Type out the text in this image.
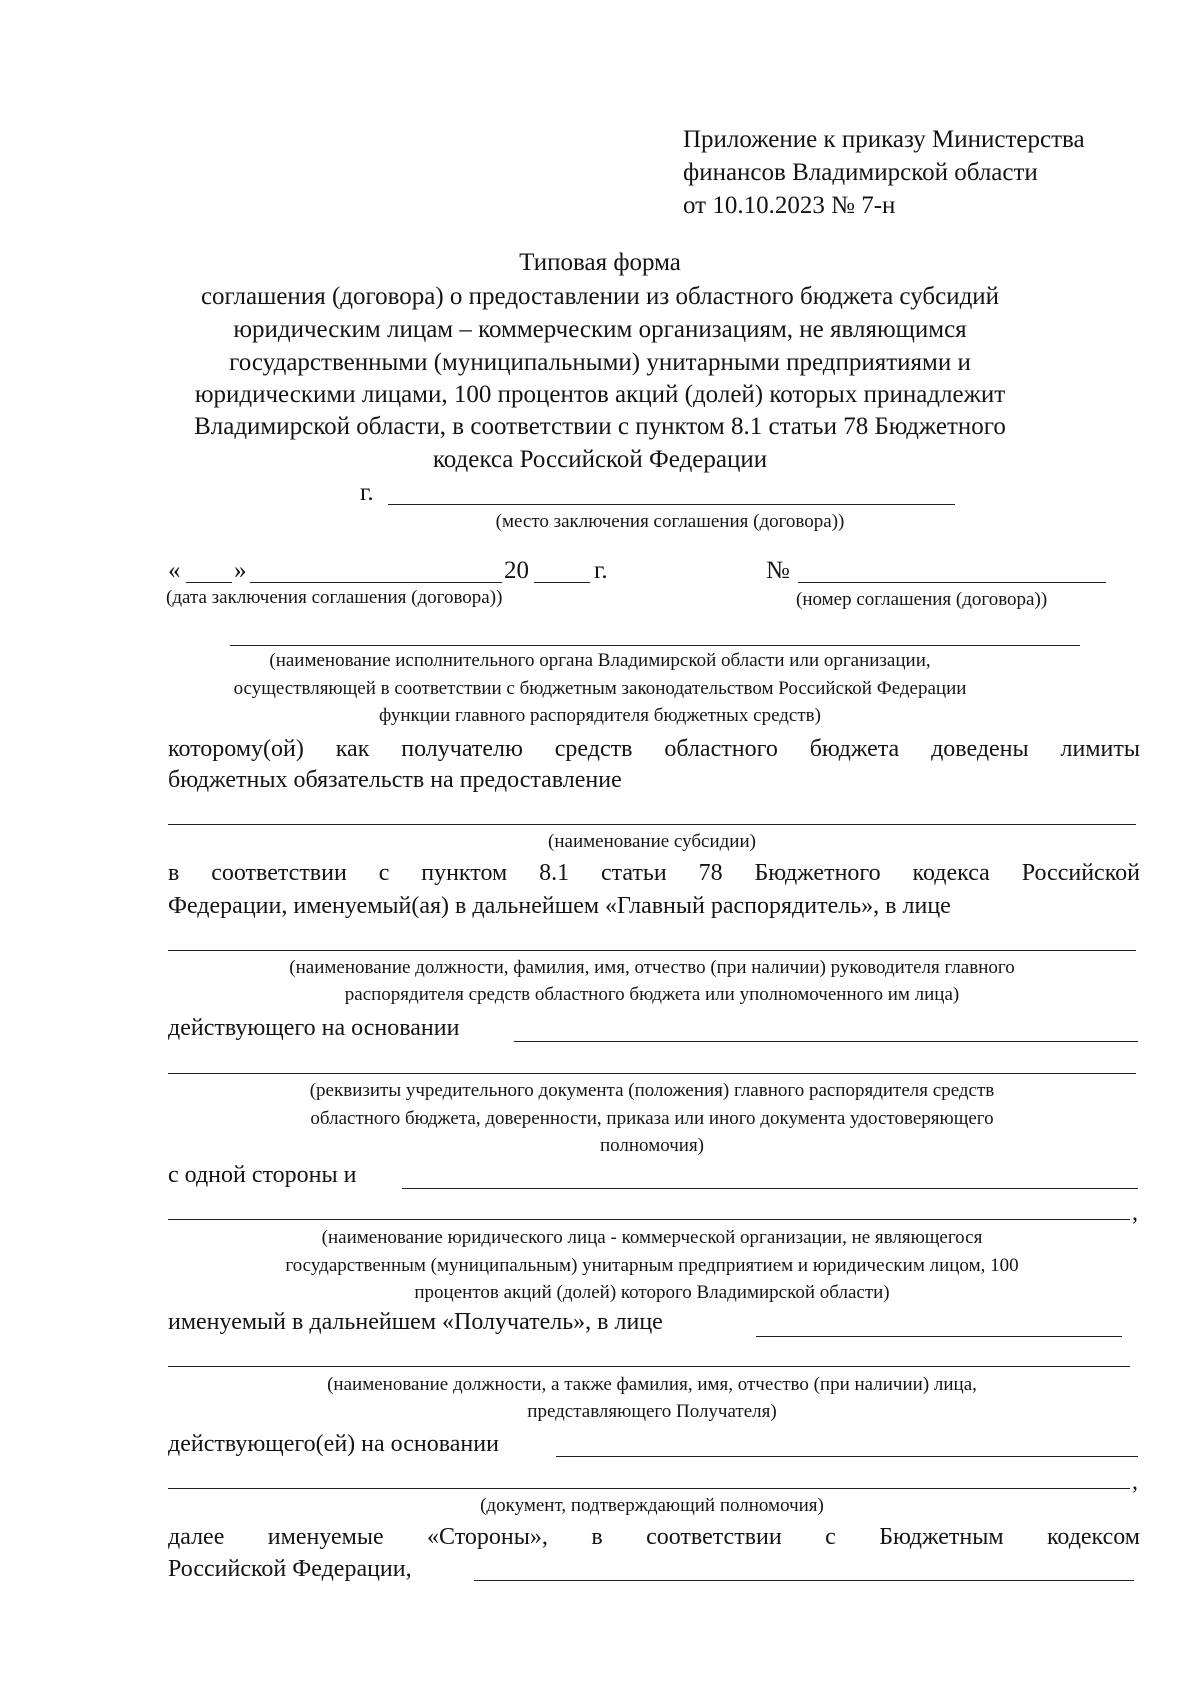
Приложение к приказу Министерства
финансов Владимирской области
от 10.10.2023 № 7-н
Типовая форма
соглашения (договора) о предоставлении из областного бюджета субсидий
юридическим лицам – коммерческим организациям, не являющимся
государственными (муниципальными) унитарными предприятиями и
юридическими лицами, 100 процентов акций (долей) которых принадлежит
Владимирской области, в соответствии с пунктом 8.1 статьи 78 Бюджетного
кодекса Российской Федерации
г.
(место заключения соглашения (договора))
« »	20	г.
(дата заключения соглашения (договора))
№
(номер соглашения (договора))
(наименование исполнительного органа Владимирской области или организации,
осуществляющей в соответствии с бюджетным законодательством Российской Федерации
функции главного распорядителя бюджетных средств)
которому(ой) как получателю средств областного бюджета доведены лимиты
бюджетных обязательств на предоставление
(наименование субсидии)
в соответствии с пунктом 8.1 статьи 78 Бюджетного кодекса Российской
Федерации, именуемый(ая) в дальнейшем «Главный распорядитель», в лице
(наименование должности, фамилия, имя, отчество (при наличии) руководителя главного
распорядителя средств областного бюджета или уполномоченного им лица)
действующего на основании
(реквизиты учредительного документа (положения) главного распорядителя средств
областного бюджета, доверенности, приказа или иного документа удостоверяющего
полномочия)
с одной стороны и
,
(наименование юридического лица - коммерческой организации, не являющегося
государственным (муниципальным) унитарным предприятием и юридическим лицом, 100
процентов акций (долей) которого Владимирской области)
именуемый в дальнейшем «Получатель», в лице
(наименование должности, а также фамилия, имя, отчество (при наличии) лица,
представляющего Получателя)
действующего(ей) на основании
,
(документ, подтверждающий полномочия)
далее именуемые «Стороны», в соответствии с Бюджетным кодексом
Российской Федерации,
